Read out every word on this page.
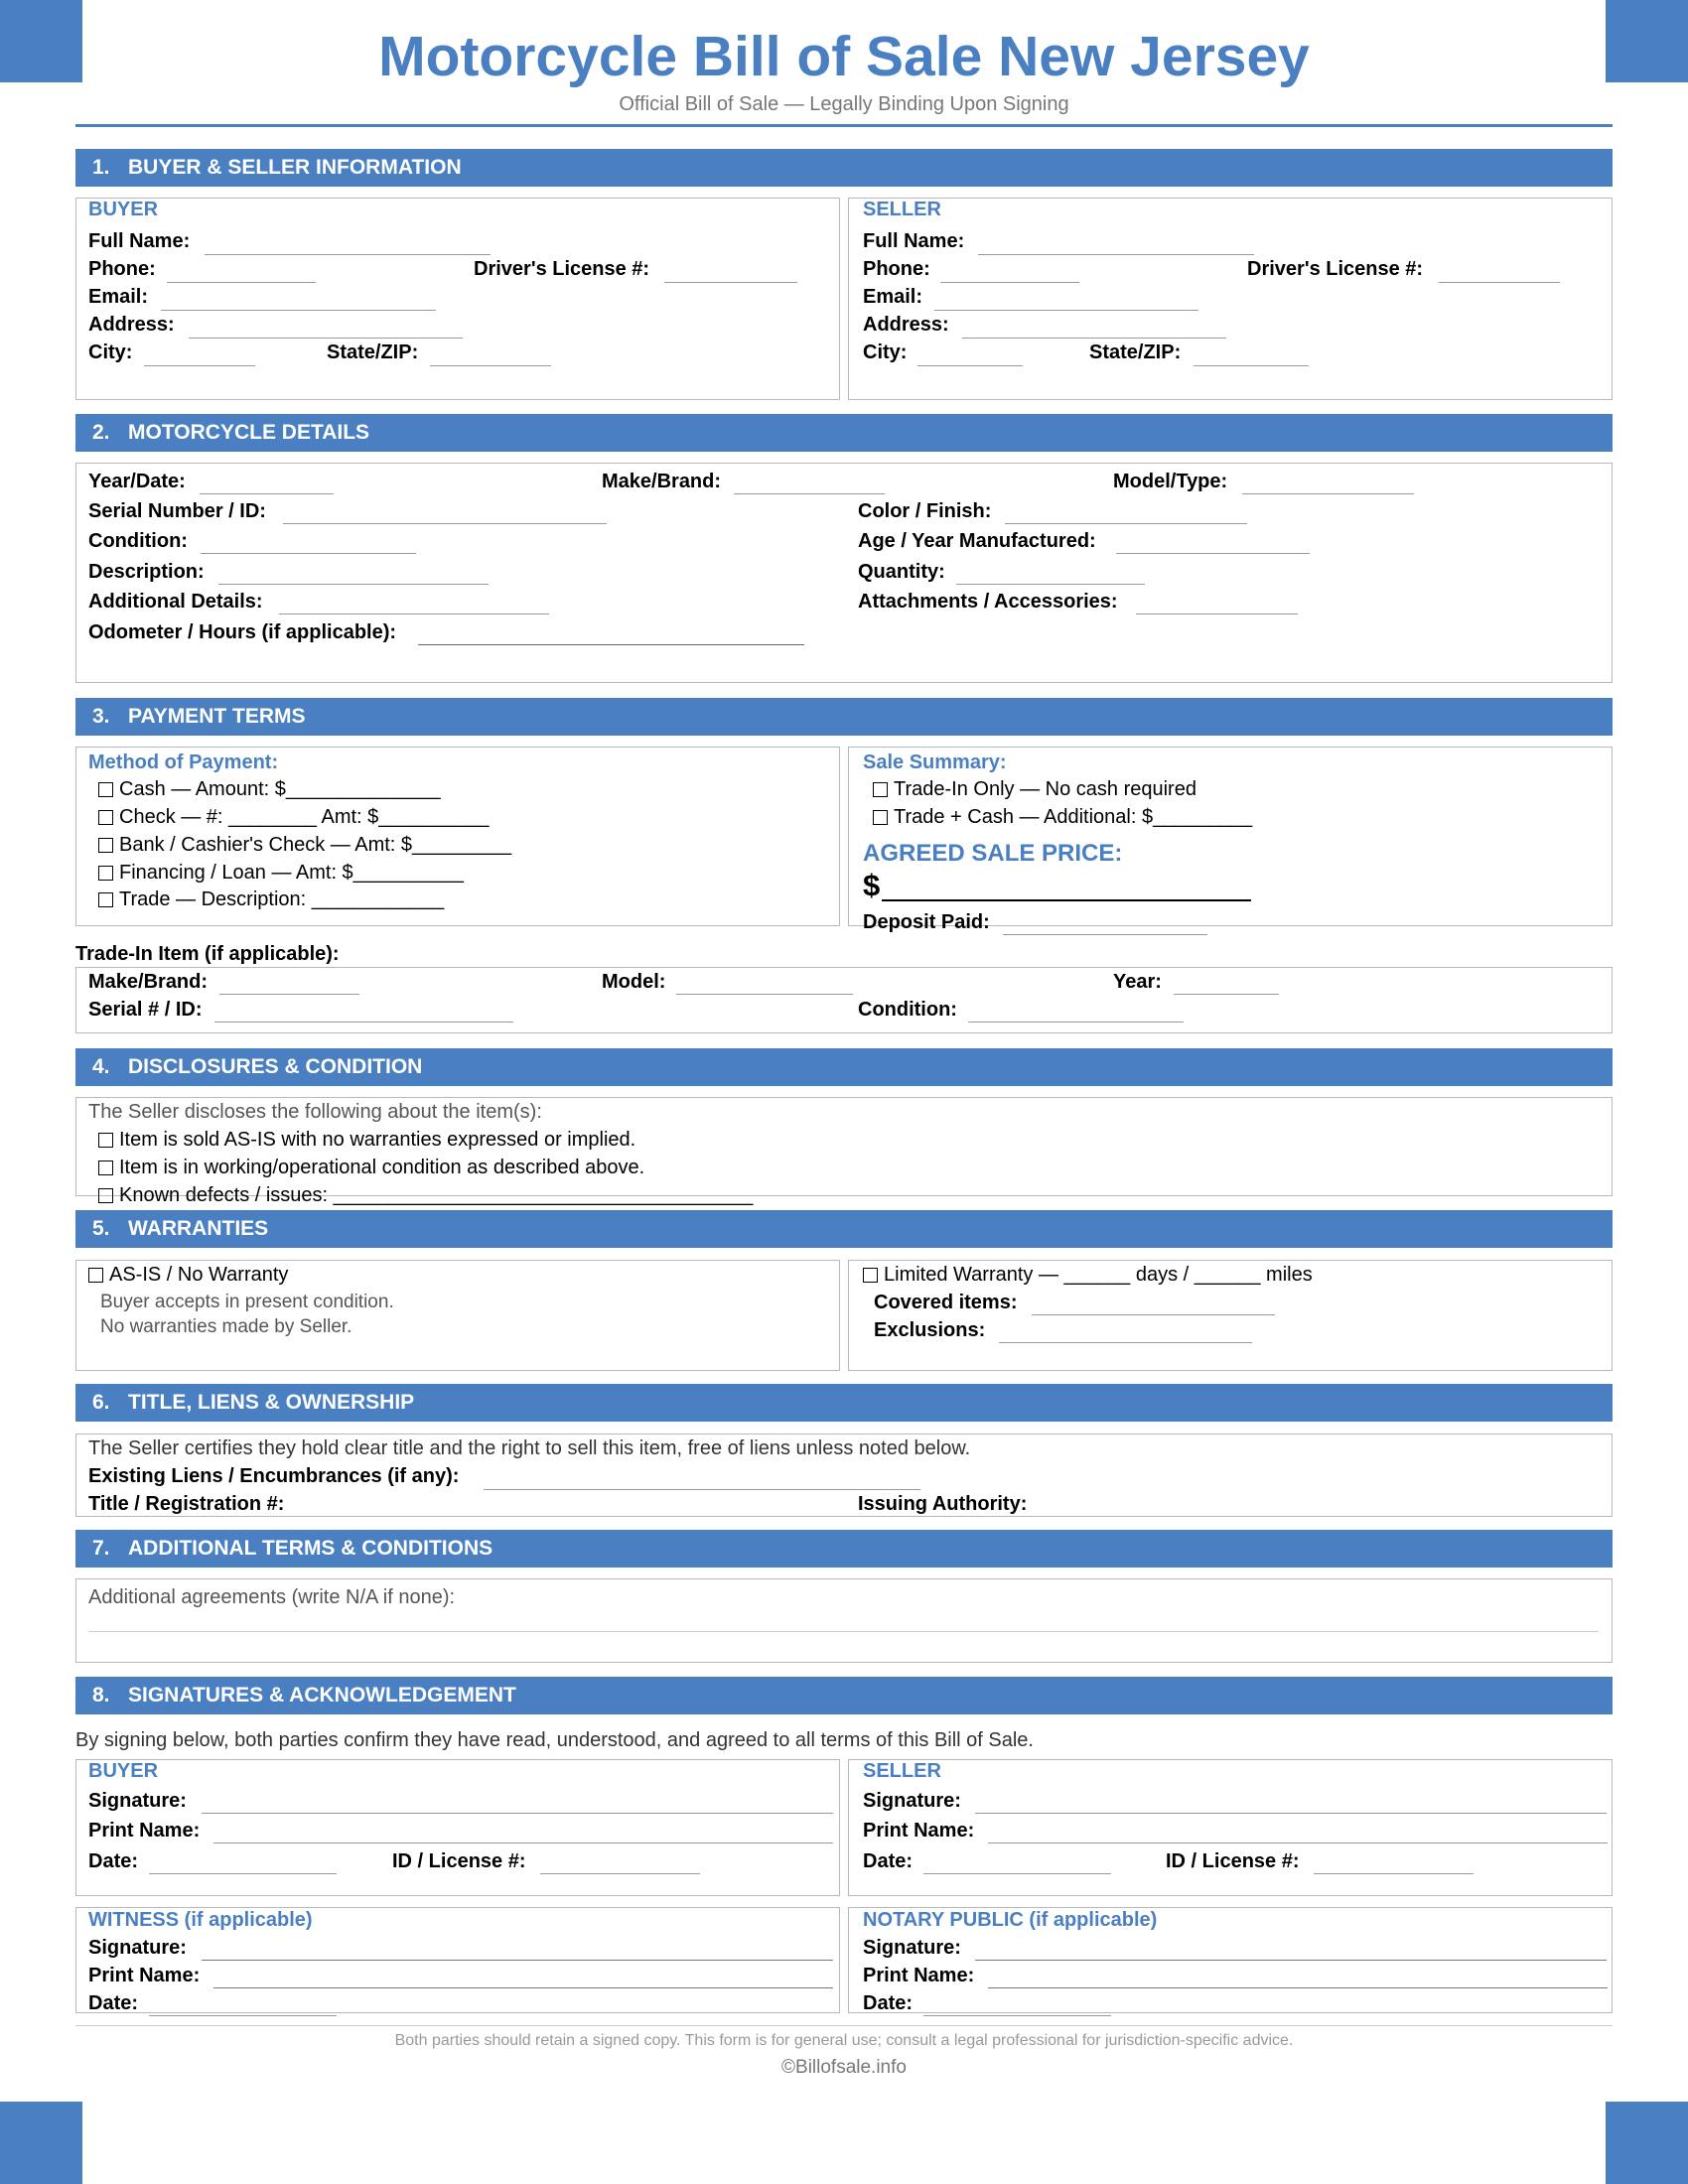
Motorcycle Bill of Sale New Jersey
Official Bill of Sale — Legally Binding Upon Signing
1. BUYER & SELLER INFORMATION
BUYER
Full Name:
Phone:	Driver's License #:
Email:
Address:
City:	State/ZIP:
SELLER
Full Name:
Phone:	Driver's License #:
Email:
Address:
City:	State/ZIP:
2. MOTORCYCLE DETAILS
Year/Date:	Make/Brand:	Model/Type:
Serial Number / ID:	Color / Finish:
Condition:	Age / Year Manufactured:
Description:	Quantity:
Additional Details:	Attachments / Accessories:
Odometer / Hours (if applicable):
3. PAYMENT TERMS
Method of Payment:
Cash — Amount: $______________
Check — #: ________ Amt: $__________
Bank / Cashier's Check — Amt: $_________
Financing / Loan — Amt: $__________
Trade — Description: ____________
Sale Summary:
Trade-In Only — No cash required
Trade + Cash — Additional: $_________
AGREED SALE PRICE:
$
Deposit Paid:
Trade-In Item (if applicable):
Make/Brand:	Model:	Year:
Serial # / ID:	Condition:
4. DISCLOSURES & CONDITION
The Seller discloses the following about the item(s):
Item is sold AS-IS with no warranties expressed or implied.
Item is in working/operational condition as described above.
Known defects / issues: ______________________________________
5. WARRANTIES
AS-IS / No Warranty
Buyer accepts in present condition.
No warranties made by Seller.
Limited Warranty — ______ days / ______ miles
Covered items:
Exclusions:
6. TITLE, LIENS & OWNERSHIP
The Seller certifies they hold clear title and the right to sell this item, free of liens unless noted below.
Existing Liens / Encumbrances (if any):
Title / Registration #:	Issuing Authority:
7. ADDITIONAL TERMS & CONDITIONS
Additional agreements (write N/A if none):
8. SIGNATURES & ACKNOWLEDGEMENT
By signing below, both parties confirm they have read, understood, and agreed to all terms of this Bill of Sale.
BUYER
Signature:
Print Name:
Date:	ID / License #:
SELLER
Signature:
Print Name:
Date:	ID / License #:
WITNESS (if applicable)
Signature:
Print Name:
Date:
NOTARY PUBLIC (if applicable)
Signature:
Print Name:
Date:
Both parties should retain a signed copy. This form is for general use; consult a legal professional for jurisdiction-specific advice.
©Billofsale.info
